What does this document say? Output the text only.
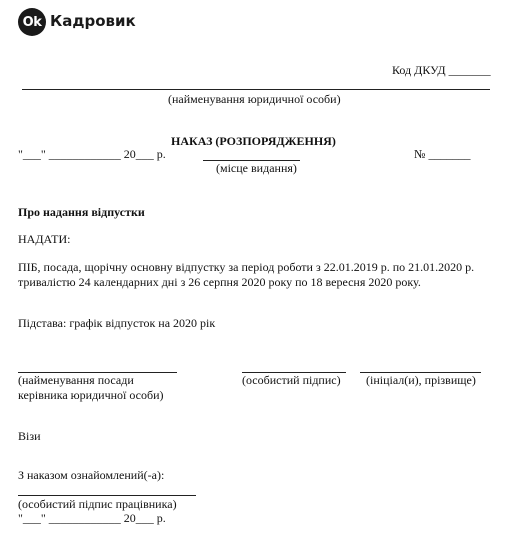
Ok Кадровик
Код ДКУД _______
(найменування юридичної особи)
НАКАЗ (РОЗПОРЯДЖЕННЯ)
"___" ____________ 20___ р.
(місце видання)
№ _______
Про надання відпустки
НАДАТИ:
ПІБ, посада, щорічну основну відпустку за період роботи з 22.01.2019 р. по 21.01.2020 р.
тривалістю 24 календарних дні з 26 серпня 2020 року по 18 вересня 2020 року.
Підстава: графік відпусток на 2020 рік
(найменування посади
керівника юридичної особи)
(особистий підпис) (ініціал(и), прізвище)
Візи
З наказом ознайомлений(-а):
(особистий підпис працівника)
"___" ____________ 20___ р.
